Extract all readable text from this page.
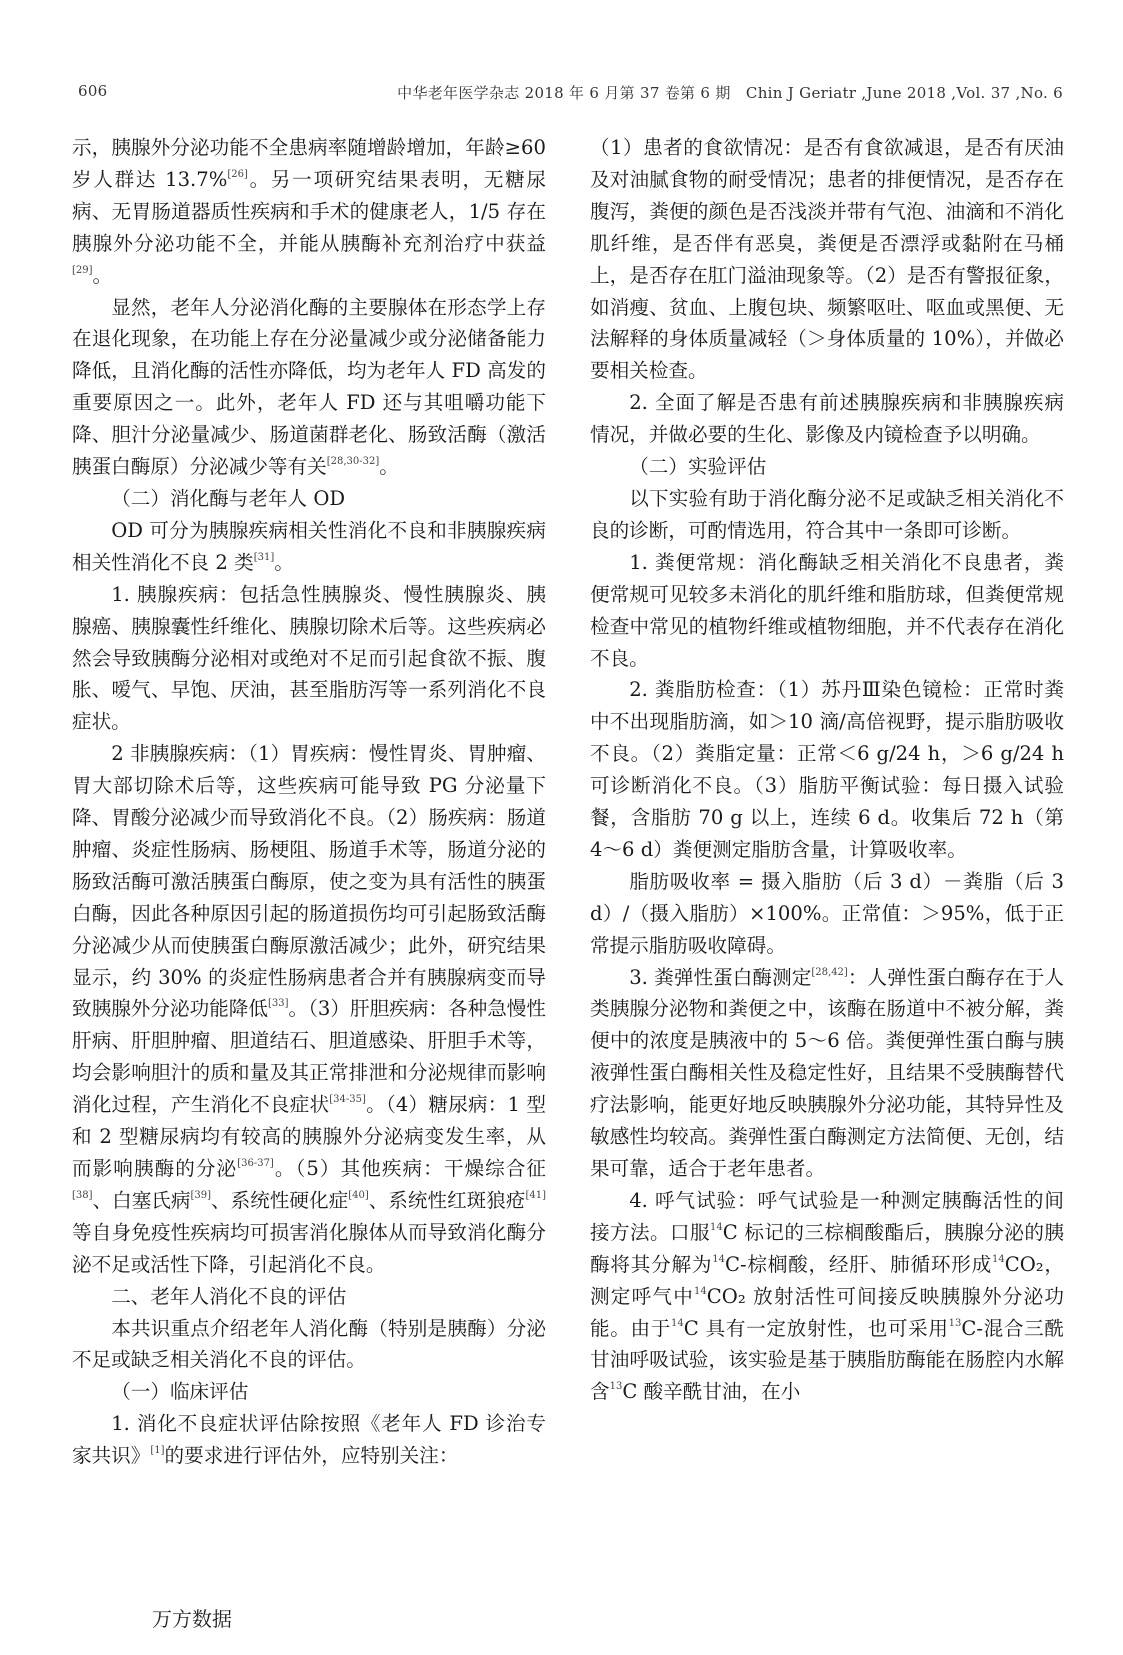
606	中华老年医学杂志 2018 年 6 月第 37 卷第 6 期　Chin J Geriatr ,June 2018 ,Vol. 37 ,No. 6

示，胰腺外分泌功能不全患病率随增龄增加，年龄≥60 岁人群达 13.7%[26]。另一项研究结果表明，无糖尿病、无胃肠道器质性疾病和手术的健康老人，1/5 存在胰腺外分泌功能不全，并能从胰酶补充剂治疗中获益[29]。

显然，老年人分泌消化酶的主要腺体在形态学上存在退化现象，在功能上存在分泌量减少或分泌储备能力降低，且消化酶的活性亦降低，均为老年人 FD 高发的重要原因之一。此外，老年人 FD 还与其咀嚼功能下降、胆汁分泌量减少、肠道菌群老化、肠致活酶（激活胰蛋白酶原）分泌减少等有关[28,30-32]。

（二）消化酶与老年人 OD

OD 可分为胰腺疾病相关性消化不良和非胰腺疾病相关性消化不良 2 类[31]。

1. 胰腺疾病：包括急性胰腺炎、慢性胰腺炎、胰腺癌、胰腺囊性纤维化、胰腺切除术后等。这些疾病必然会导致胰酶分泌相对或绝对不足而引起食欲不振、腹胀、嗳气、早饱、厌油，甚至脂肪泻等一系列消化不良症状。

2 非胰腺疾病：（1）胃疾病：慢性胃炎、胃肿瘤、胃大部切除术后等，这些疾病可能导致 PG 分泌量下降、胃酸分泌减少而导致消化不良。（2）肠疾病：肠道肿瘤、炎症性肠病、肠梗阻、肠道手术等，肠道分泌的肠致活酶可激活胰蛋白酶原，使之变为具有活性的胰蛋白酶，因此各种原因引起的肠道损伤均可引起肠致活酶分泌减少从而使胰蛋白酶原激活减少；此外，研究结果显示，约 30% 的炎症性肠病患者合并有胰腺病变而导致胰腺外分泌功能降低[33]。（3）肝胆疾病：各种急慢性肝病、肝胆肿瘤、胆道结石、胆道感染、肝胆手术等，均会影响胆汁的质和量及其正常排泄和分泌规律而影响消化过程，产生消化不良症状[34-35]。（4）糖尿病：1 型和 2 型糖尿病均有较高的胰腺外分泌病变发生率，从而影响胰酶的分泌[36-37]。（5）其他疾病：干燥综合征[38]、白塞氏病[39]、系统性硬化症[40]、系统性红斑狼疮[41]等自身免疫性疾病均可损害消化腺体从而导致消化酶分泌不足或活性下降，引起消化不良。

二、老年人消化不良的评估

本共识重点介绍老年人消化酶（特别是胰酶）分泌不足或缺乏相关消化不良的评估。

（一）临床评估

1. 消化不良症状评估除按照《老年人 FD 诊治专家共识》[1]的要求进行评估外，应特别关注：

（1）患者的食欲情况：是否有食欲减退，是否有厌油及对油腻食物的耐受情况；患者的排便情况，是否存在腹泻，粪便的颜色是否浅淡并带有气泡、油滴和不消化肌纤维，是否伴有恶臭，粪便是否漂浮或黏附在马桶上，是否存在肛门溢油现象等。（2）是否有警报征象，如消瘦、贫血、上腹包块、频繁呕吐、呕血或黑便、无法解释的身体质量减轻（＞身体质量的 10%），并做必要相关检查。

2. 全面了解是否患有前述胰腺疾病和非胰腺疾病情况，并做必要的生化、影像及内镜检查予以明确。

（二）实验评估

以下实验有助于消化酶分泌不足或缺乏相关消化不良的诊断，可酌情选用，符合其中一条即可诊断。

1. 粪便常规：消化酶缺乏相关消化不良患者，粪便常规可见较多未消化的肌纤维和脂肪球，但粪便常规检查中常见的植物纤维或植物细胞，并不代表存在消化不良。

2. 粪脂肪检查：（1）苏丹Ⅲ染色镜检：正常时粪中不出现脂肪滴，如＞10 滴/高倍视野，提示脂肪吸收不良。（2）粪脂定量：正常＜6 g/24 h，＞6 g/24 h可诊断消化不良。（3）脂肪平衡试验：每日摄入试验餐，含脂肪 70 g 以上，连续 6 d。收集后 72 h（第 4～6 d）粪便测定脂肪含量，计算吸收率。

脂肪吸收率 = 摄入脂肪（后 3 d）－粪脂（后 3 d）/（摄入脂肪）×100%。正常值：＞95%，低于正常提示脂肪吸收障碍。

3. 粪弹性蛋白酶测定[28,42]：人弹性蛋白酶存在于人类胰腺分泌物和粪便之中，该酶在肠道中不被分解，粪便中的浓度是胰液中的 5～6 倍。粪便弹性蛋白酶与胰液弹性蛋白酶相关性及稳定性好，且结果不受胰酶替代疗法影响，能更好地反映胰腺外分泌功能，其特异性及敏感性均较高。粪弹性蛋白酶测定方法简便、无创，结果可靠，适合于老年患者。

4. 呼气试验：呼气试验是一种测定胰酶活性的间接方法。口服$^{14}$C 标记的三棕榈酸酯后，胰腺分泌的胰酶将其分解为$^{14}$C-棕榈酸，经肝、肺循环形成$^{14}$CO₂，测定呼气中$^{14}$CO₂ 放射活性可间接反映胰腺外分泌功能。由于$^{14}$C 具有一定放射性，也可采用$^{13}$C-混合三酰甘油呼吸试验，该实验是基于胰脂肪酶能在肠腔内水解含$^{13}$C 酸辛酰甘油，在小

万方数据
